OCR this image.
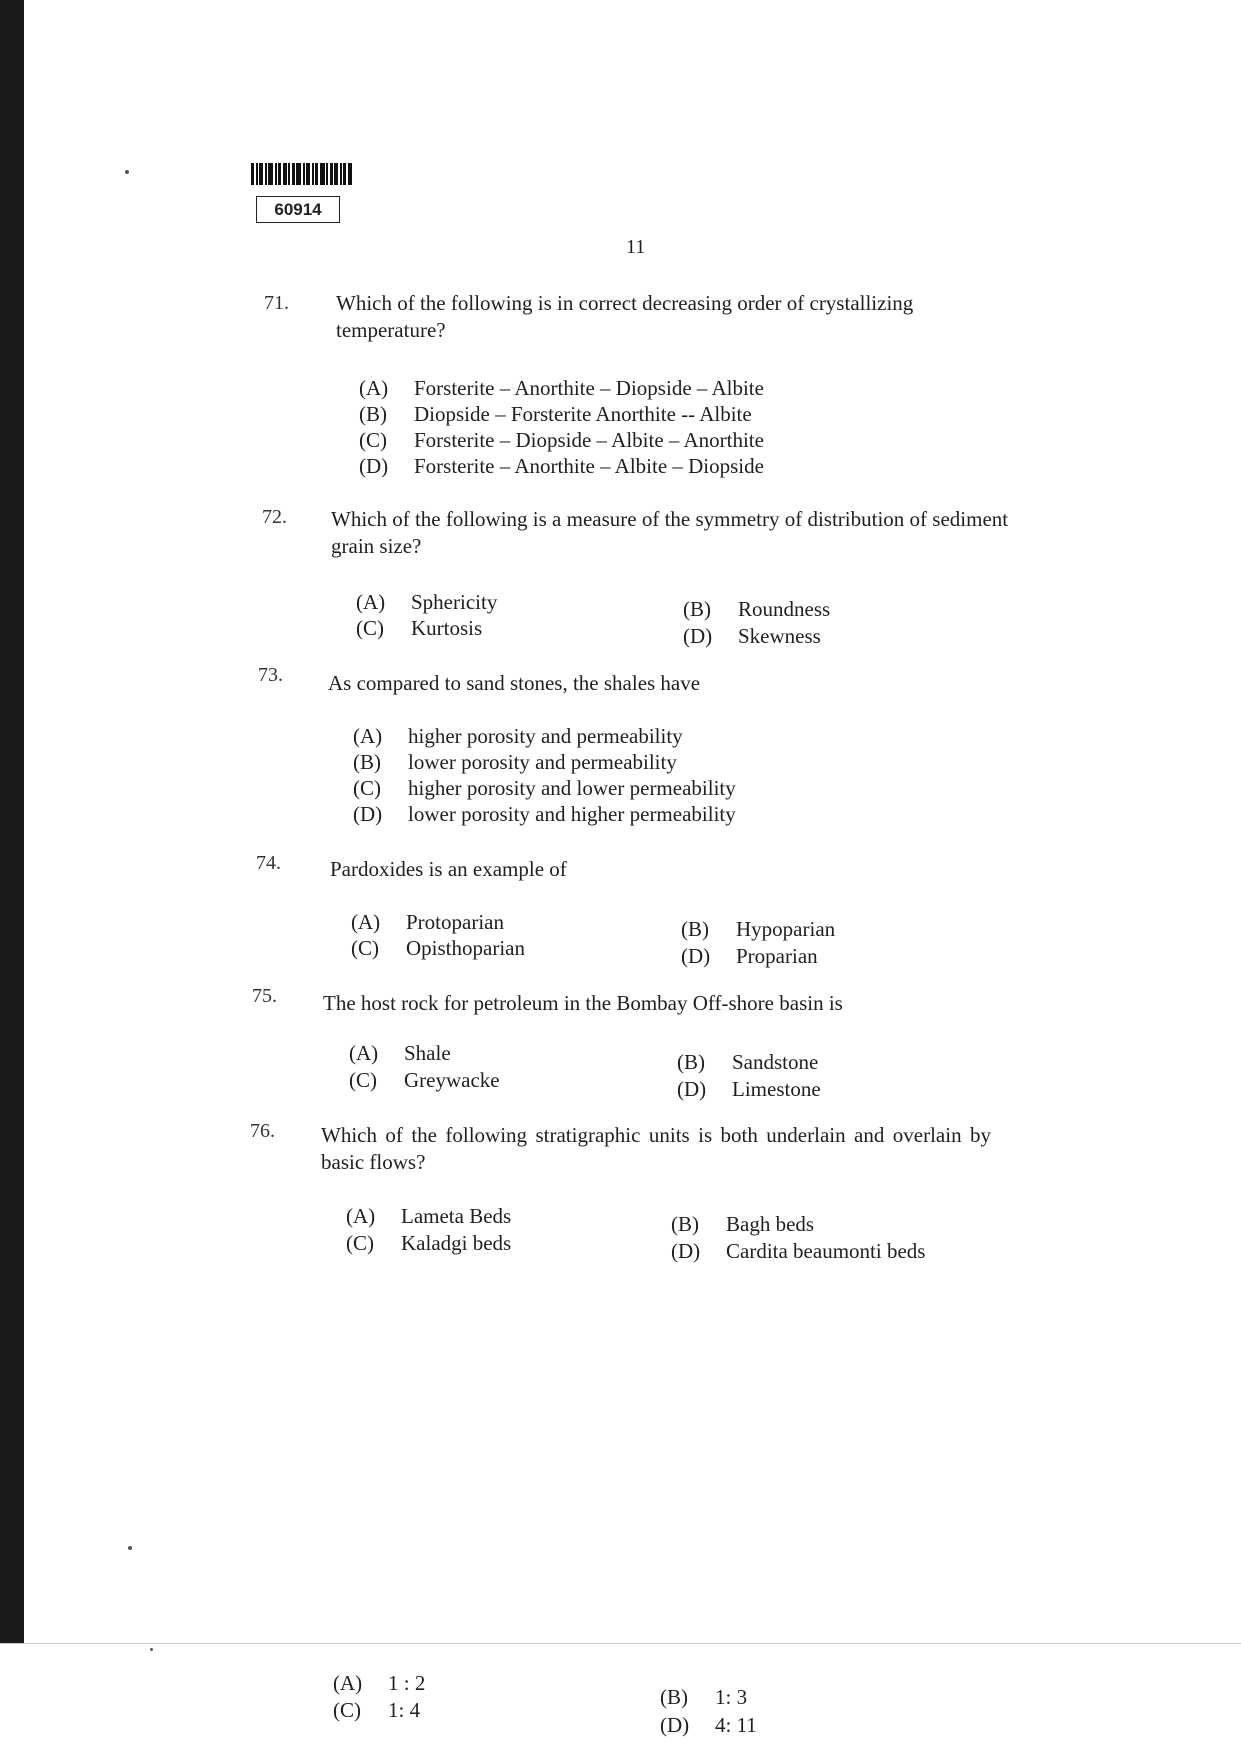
60914
11
71. Which of the following is in correct decreasing order of crystallizing temperature?
(A) Forsterite – Anorthite – Diopside – Albite
(B) Diopside – Forsterite Anorthite -- Albite
(C) Forsterite – Diopside – Albite – Anorthite
(D) Forsterite – Anorthite – Albite – Diopside
72. Which of the following is a measure of the symmetry of distribution of sediment grain size?
(A) Sphericity	(B) Roundness
(C) Kurtosis	(D) Skewness
73. As compared to sand stones, the shales have
(A) higher porosity and permeability
(B) lower porosity and permeability
(C) higher porosity and lower permeability
(D) lower porosity and higher permeability
74. Pardoxides is an example of
(A) Protoparian	(B) Hypoparian
(C) Opisthoparian	(D) Proparian
75. The host rock for petroleum in the Bombay Off-shore basin is
(A) Shale	(B) Sandstone
(C) Greywacke	(D) Limestone
76. Which of the following stratigraphic units is both underlain and overlain by basic flows?
(A) Lameta Beds	(B) Bagh beds
(C) Kaladgi beds	(D) Cardita beaumonti beds
(A) 1 : 2
(B) 1: 3
(C) 1: 4
(D) 4: 11
